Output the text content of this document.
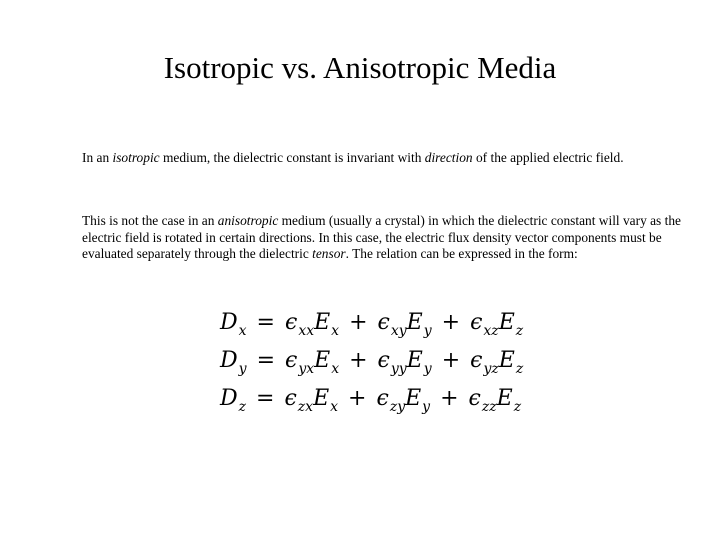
Isotropic vs. Anisotropic Media
In an isotropic medium, the dielectric constant is invariant with direction of the applied electric field.
This is not the case in an anisotropic medium (usually a crystal) in which the dielectric constant will vary as the electric field is rotated in certain directions. In this case, the electric flux density vector components must be evaluated separately through the dielectric tensor. The relation can be expressed in the form:
D x = ϵ xx E x + ϵ xy E y + ϵ xz E z
D y = ϵ yx E x + ϵ yy E y + ϵ yz E z
D z = ϵ zx E x + ϵ zy E y + ϵ zz E z
